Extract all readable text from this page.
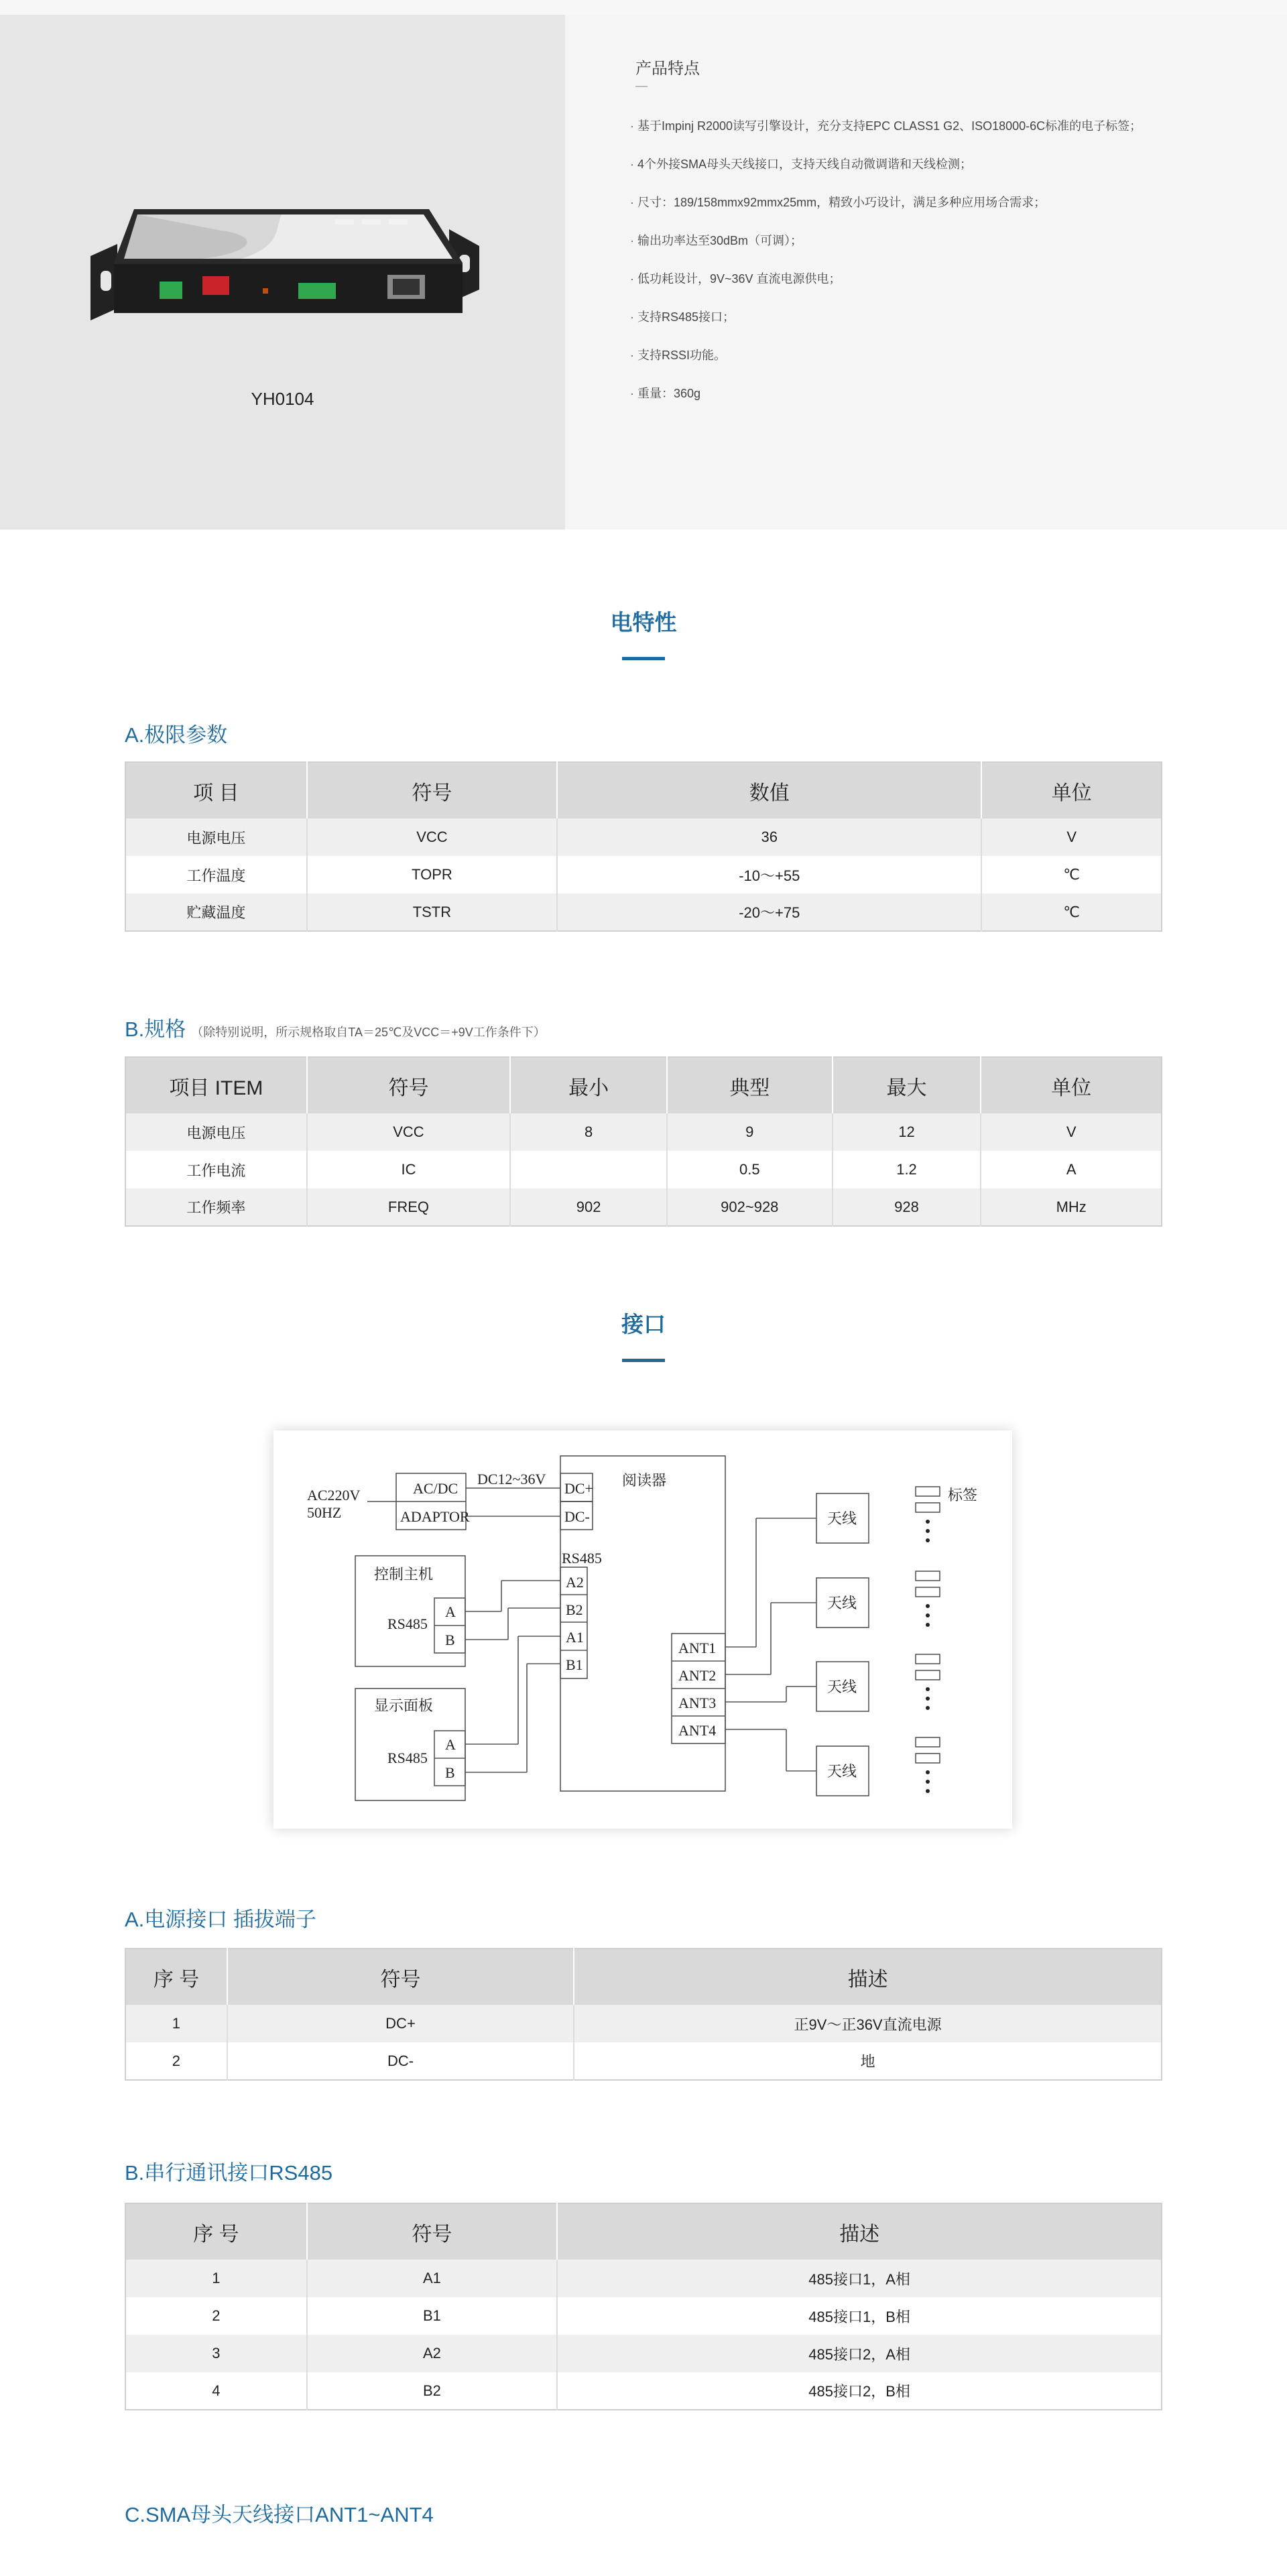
YH0104
产品特点
· 基于Impinj R2000读写引擎设计，充分支持EPC CLASS1 G2、ISO18000-6C标准的电子标签；
· 4个外接SMA母头天线接口，支持天线自动微调谐和天线检测；
· 尺寸：189/158mmx92mmx25mm，精致小巧设计，满足多种应用场合需求；
· 输出功率达至30dBm（可调）；
· 低功耗设计，9V~36V 直流电源供电；
· 支持RS485接口；
· 支持RSSI功能。
· 重量：360g
电特性
A.极限参数
项 目	符号	数值	单位
电源电压	VCC	36	V
工作温度	TOPR	-10～+55	℃
贮藏温度	TSTR	-20～+75	℃
B.规格 （除特别说明，所示规格取自TA＝25℃及VCC＝+9V工作条件下）
项目 ITEM	符号	最小	典型	最大	单位
电源电压	VCC	8	9	12	V
工作电流	IC		0.5	1.2	A
工作频率	FREQ	902	902~928	928	MHz
接口
AC220V
50HZ
AC/DC
ADAPTOR
DC12~36V
DC+
DC-
阅读器
RS485
A2
B2
A1
B1
控制主机
RS485
A
B
显示面板
RS485
A
B
ANT1
ANT2
ANT3
ANT4
天线
天线
天线
天线
标签
A.电源接口 插拔端子
序 号	符号	描述
1	DC+	正9V～正36V直流电源
2	DC-	地
B.串行通讯接口RS485
序 号	符号	描述
1	A1	485接口1，A相
2	B1	485接口1，B相
3	A2	485接口2，A相
4	B2	485接口2，B相
C.SMA母头天线接口ANT1~ANT4
